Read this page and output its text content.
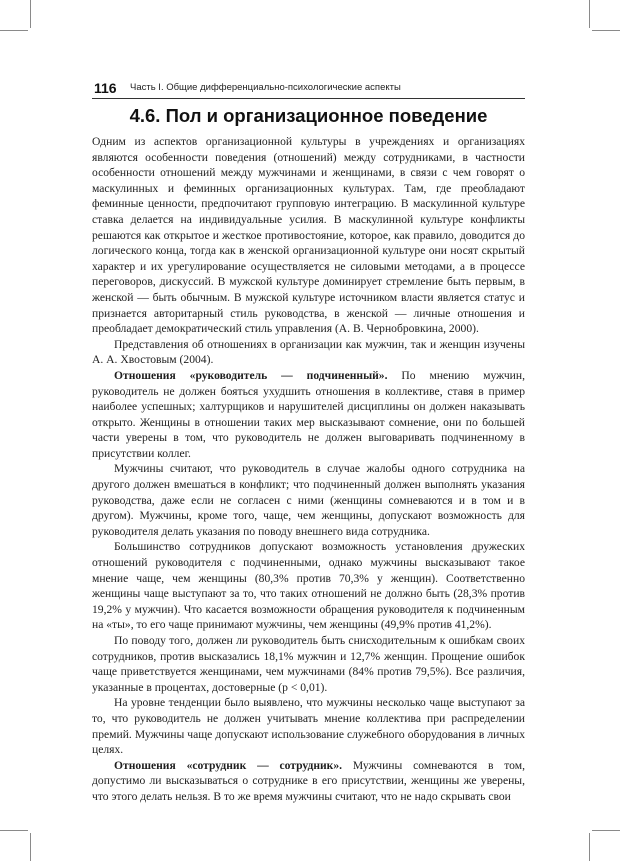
116 Часть I. Общие дифференциально-психологические аспекты
4.6. Пол и организационное поведение

Одним из аспектов организационной культуры в учреждениях и организациях являются особенности поведения (отношений) между сотрудниками, в частности особенности отношений между мужчинами и женщинами, в связи с чем говорят о маскулинных и феминных организационных культурах. Там, где преобладают феминные ценности, предпочитают групповую интеграцию. В маскулинной культуре ставка делается на индивидуальные усилия. В маскулинной культуре конфликты решаются как открытое и жесткое противостояние, которое, как правило, доводится до логического конца, тогда как в женской организационной культуре они носят скрытый характер и их урегулирование осуществляется не силовыми методами, а в процессе переговоров, дискуссий. В мужской культуре доминирует стремление быть первым, в женской — быть обычным. В мужской культуре источником власти является статус и признается авторитарный стиль руководства, в женской — личные отношения и преобладает демократический стиль управления (А. В. Чернобровкина, 2000).

Представления об отношениях в организации как мужчин, так и женщин изучены А. А. Хвостовым (2004).

Отношения «руководитель — подчиненный». По мнению мужчин, руководитель не должен бояться ухудшить отношения в коллективе, ставя в пример наиболее успешных; халтурщиков и нарушителей дисциплины он должен наказывать открыто. Женщины в отношении таких мер высказывают сомнение, они по большей части уверены в том, что руководитель не должен выговаривать подчиненному в присутствии коллег.

Мужчины считают, что руководитель в случае жалобы одного сотрудника на другого должен вмешаться в конфликт; что подчиненный должен выполнять указания руководства, даже если не согласен с ними (женщины сомневаются и в том и в другом). Мужчины, кроме того, чаще, чем женщины, допускают возможность для руководителя делать указания по поводу внешнего вида сотрудника.

Большинство сотрудников допускают возможность установления дружеских отношений руководителя с подчиненными, однако мужчины высказывают такое мнение чаще, чем женщины (80,3% против 70,3% у женщин). Соответственно женщины чаще выступают за то, что таких отношений не должно быть (28,3% против 19,2% у мужчин). Что касается возможности обращения руководителя к подчиненным на «ты», то его чаще принимают мужчины, чем женщины (49,9% против 41,2%).

По поводу того, должен ли руководитель быть снисходительным к ошибкам своих сотрудников, против высказались 18,1% мужчин и 12,7% женщин. Прощение ошибок чаще приветствуется женщинами, чем мужчинами (84% против 79,5%). Все различия, указанные в процентах, достоверные (p < 0,01).

На уровне тенденции было выявлено, что мужчины несколько чаще выступают за то, что руководитель не должен учитывать мнение коллектива при распределении премий. Мужчины чаще допускают использование служебного оборудования в личных целях.

Отношения «сотрудник — сотрудник». Мужчины сомневаются в том, допустимо ли высказываться о сотруднике в его присутствии, женщины же уверены, что этого делать нельзя. В то же время мужчины считают, что не надо скрывать свои
